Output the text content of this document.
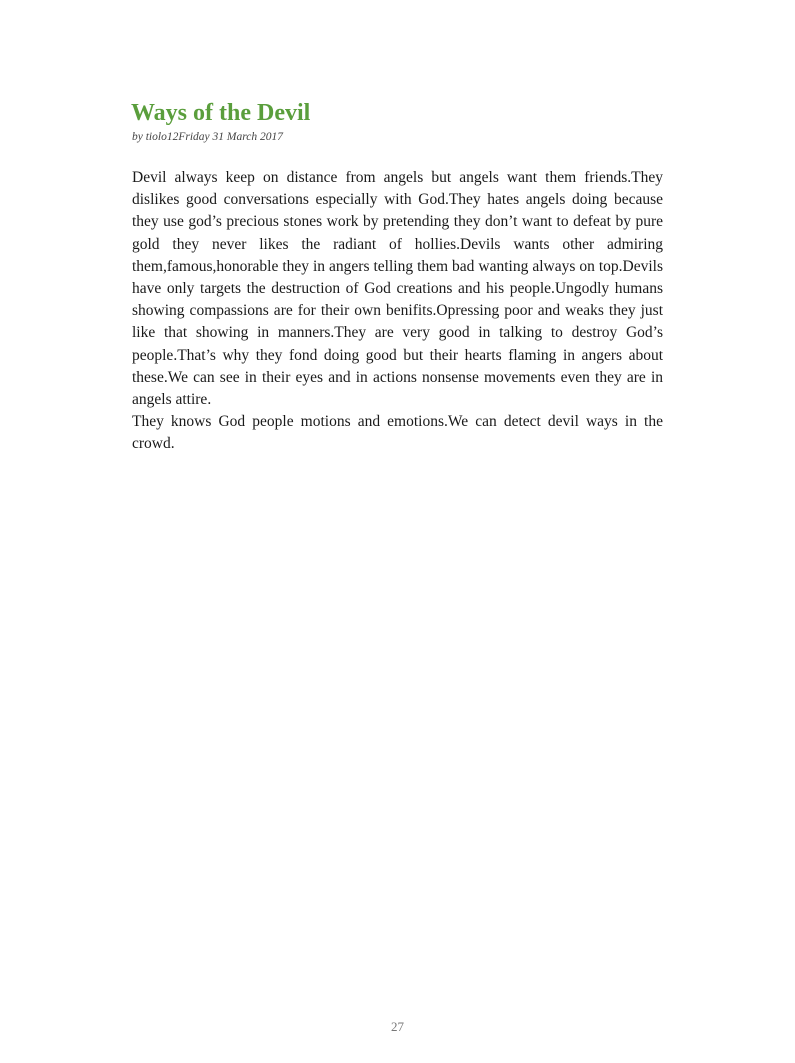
Ways of the Devil
by tiolo12Friday 31 March 2017

Devil always keep on distance from angels but angels want them friends.They dislikes good conversations especially with God.They hates angels doing because they use god’s precious stones work by pretending they don’t want to defeat by pure gold they never likes the radiant of hollies.Devils wants other admiring them,famous,honorable they in angers telling them bad wanting always on top.Devils have only targets the destruction of God creations and his people.Ungodly humans showing compassions are for their own benifits.Opressing poor and weaks they just like that showing in manners.They are very good in talking to destroy God’s people.That’s why they fond doing good but their hearts flaming in angers about these.We can see in their eyes and in actions nonsense movements even they are in angels attire.

They knows God people motions and emotions.We can detect devil ways in the crowd.

27
